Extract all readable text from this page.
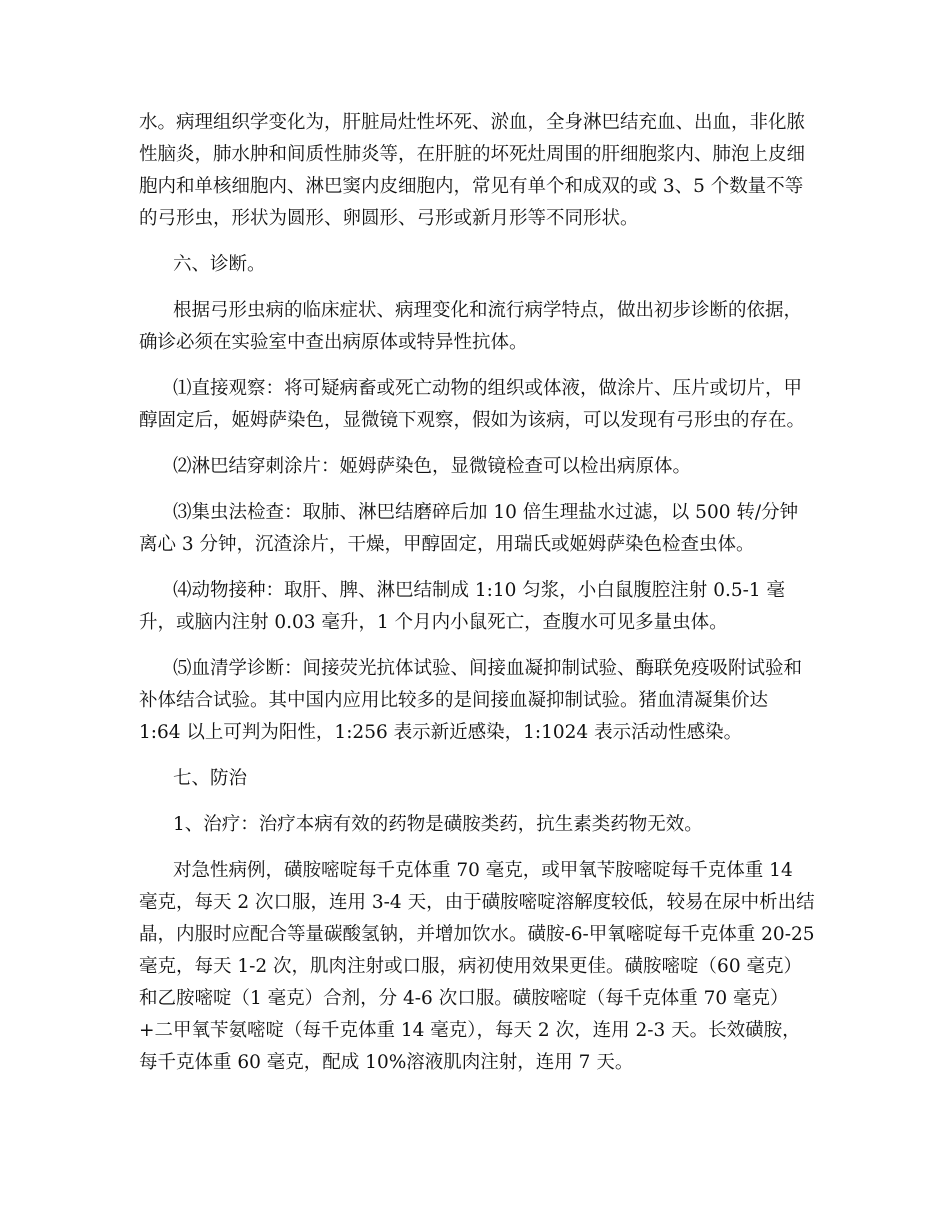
水。病理组织学变化为，肝脏局灶性坏死、淤血，全身淋巴结充血、出血，非化脓性脑炎，肺水肿和间质性肺炎等，在肝脏的坏死灶周围的肝细胞浆内、肺泡上皮细胞内和单核细胞内、淋巴窦内皮细胞内，常见有单个和成双的或 3、5 个数量不等的弓形虫，形状为圆形、卵圆形、弓形或新月形等不同形状。

六、诊断。

根据弓形虫病的临床症状、病理变化和流行病学特点，做出初步诊断的依据，确诊必须在实验室中查出病原体或特异性抗体。

⑴直接观察：将可疑病畜或死亡动物的组织或体液，做涂片、压片或切片，甲醇固定后，姬姆萨染色，显微镜下观察，假如为该病，可以发现有弓形虫的存在。

⑵淋巴结穿刺涂片：姬姆萨染色，显微镜检查可以检出病原体。

⑶集虫法检查：取肺、淋巴结磨碎后加 10 倍生理盐水过滤，以 500 转/分钟离心 3 分钟，沉渣涂片，干燥，甲醇固定，用瑞氏或姬姆萨染色检查虫体。

⑷动物接种：取肝、脾、淋巴结制成 1:10 匀浆，小白鼠腹腔注射 0.5-1 毫升，或脑内注射 0.03 毫升，1 个月内小鼠死亡，查腹水可见多量虫体。

⑸血清学诊断：间接荧光抗体试验、间接血凝抑制试验、酶联免疫吸附试验和补体结合试验。其中国内应用比较多的是间接血凝抑制试验。猪血清凝集价达 1:64 以上可判为阳性，1:256 表示新近感染，1:1024 表示活动性感染。

七、防治

1、治疗：治疗本病有效的药物是磺胺类药，抗生素类药物无效。

对急性病例，磺胺嘧啶每千克体重 70 毫克，或甲氧苄胺嘧啶每千克体重 14 毫克，每天 2 次口服，连用 3-4 天，由于磺胺嘧啶溶解度较低，较易在尿中析出结晶，内服时应配合等量碳酸氢钠，并增加饮水。磺胺-6-甲氧嘧啶每千克体重 20-25 毫克，每天 1-2 次，肌肉注射或口服，病初使用效果更佳。磺胺嘧啶（60 毫克）和乙胺嘧啶（1 毫克）合剂，分 4-6 次口服。磺胺嘧啶（每千克体重 70 毫克）+二甲氧苄氨嘧啶（每千克体重 14 毫克），每天 2 次，连用 2-3 天。长效磺胺，每千克体重 60 毫克，配成 10%溶液肌肉注射，连用 7 天。
